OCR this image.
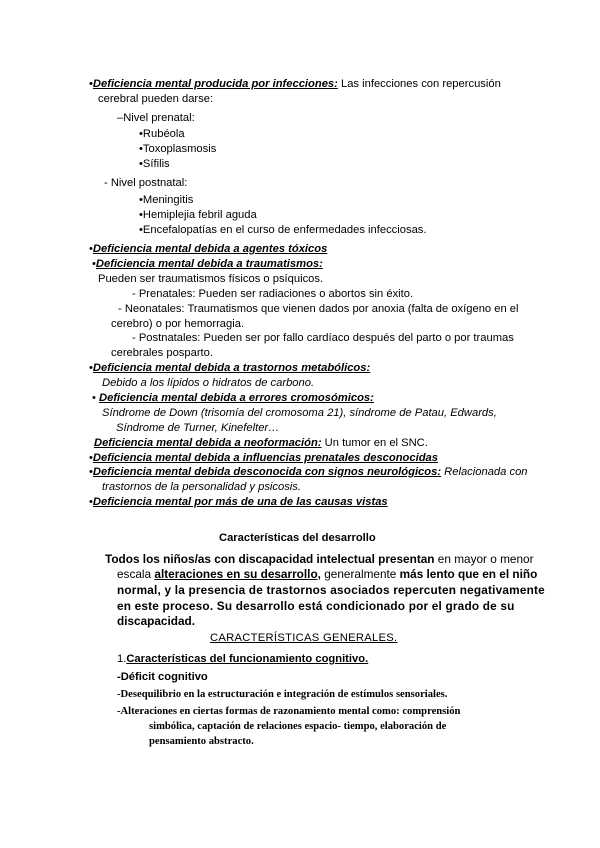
•Deficiencia mental producida por infecciones: Las infecciones con repercusión
cerebral pueden darse:
–Nivel prenatal:
•Rubéola
•Toxoplasmosis
•Sífilis
- Nivel postnatal:
•Meningitis
•Hemiplejia febril aguda
•Encefalopatías en el curso de enfermedades infecciosas.
•Deficiencia mental debida a agentes tóxicos
•Deficiencia mental debida a traumatismos:
Pueden ser traumatismos físicos o psíquicos.
- Prenatales: Pueden ser radiaciones o abortos sin éxito.
- Neonatales: Traumatismos que vienen dados por anoxia (falta de oxígeno en el
cerebro) o por hemorragia.
- Postnatales: Pueden ser por fallo cardíaco después del parto o por traumas
cerebrales posparto.
•Deficiencia mental debida a trastornos metabólicos:
Debido a los lípidos o hidratos de carbono.
• Deficiencia mental debida a errores cromosómicos:
Síndrome de Down (trisomía del cromosoma 21), síndrome de Patau, Edwards,
Síndrome de Turner, Kinefelter…
Deficiencia mental debida a neoformación: Un tumor en el SNC.
•Deficiencia mental debida a influencias prenatales desconocidas
•Deficiencia mental debida desconocida con signos neurológicos: Relacionada con
trastornos de la personalidad y psicosis.
•Deficiencia mental por más de una de las causas vistas
Características del desarrollo
Todos los niños/as con discapacidad intelectual presentan en mayor o menor
escala alteraciones en su desarrollo, generalmente más lento que en el niño
normal, y la presencia de trastornos asociados repercuten negativamente
en este proceso. Su desarrollo está condicionado por el grado de su
discapacidad.
CARACTERÍSTICAS GENERALES.
1.Características del funcionamiento cognitivo.
-Déficit cognitivo
-Desequilibrio en la estructuración e integración de estímulos sensoriales.
-Alteraciones en ciertas formas de razonamiento mental como: comprensión
simbólica, captación de relaciones espacio- tiempo, elaboración de
pensamiento abstracto.
